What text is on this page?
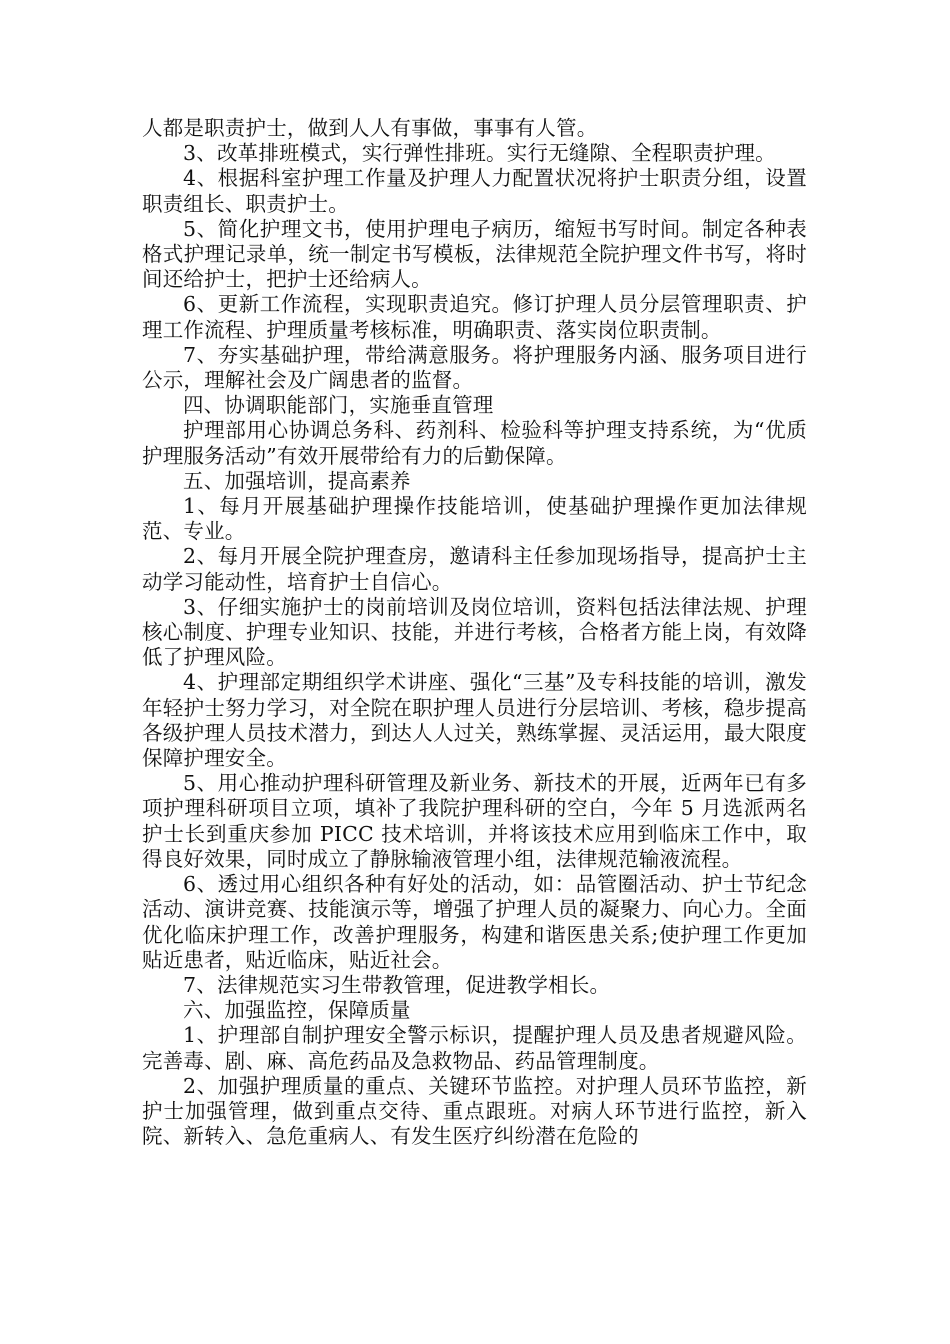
人都是职责护士，做到人人有事做，事事有人管。

3、改革排班模式，实行弹性排班。实行无缝隙、全程职责护理。

4、根据科室护理工作量及护理人力配置状况将护士职责分组，设置职责组长、职责护士。

5、简化护理文书，使用护理电子病历，缩短书写时间。制定各种表格式护理记录单，统一制定书写模板，法律规范全院护理文件书写，将时间还给护士，把护士还给病人。

6、更新工作流程，实现职责追究。修订护理人员分层管理职责、护理工作流程、护理质量考核标准，明确职责、落实岗位职责制。

7、夯实基础护理，带给满意服务。将护理服务内涵、服务项目进行公示，理解社会及广阔患者的监督。

四、协调职能部门，实施垂直管理

护理部用心协调总务科、药剂科、检验科等护理支持系统，为“优质护理服务活动”有效开展带给有力的后勤保障。

五、加强培训，提高素养

1、每月开展基础护理操作技能培训，使基础护理操作更加法律规范、专业。

2、每月开展全院护理查房，邀请科主任参加现场指导，提高护士主动学习能动性，培育护士自信心。

3、仔细实施护士的岗前培训及岗位培训，资料包括法律法规、护理核心制度、护理专业知识、技能，并进行考核，合格者方能上岗，有效降低了护理风险。

4、护理部定期组织学术讲座、强化“三基”及专科技能的培训，激发年轻护士努力学习，对全院在职护理人员进行分层培训、考核，稳步提高各级护理人员技术潜力，到达人人过关，熟练掌握、灵活运用，最大限度保障护理安全。

5、用心推动护理科研管理及新业务、新技术的开展，近两年已有多项护理科研项目立项，填补了我院护理科研的空白，今年 5 月选派两名护士长到重庆参加 PICC 技术培训，并将该技术应用到临床工作中，取得良好效果，同时成立了静脉输液管理小组，法律规范输液流程。

6、透过用心组织各种有好处的活动，如：品管圈活动、护士节纪念活动、演讲竞赛、技能演示等，增强了护理人员的凝聚力、向心力。全面优化临床护理工作，改善护理服务，构建和谐医患关系;使护理工作更加贴近患者，贴近临床，贴近社会。

7、法律规范实习生带教管理，促进教学相长。

六、加强监控，保障质量

1、护理部自制护理安全警示标识，提醒护理人员及患者规避风险。完善毒、剧、麻、高危药品及急救物品、药品管理制度。

2、加强护理质量的重点、关键环节监控。对护理人员环节监控，新护士加强管理，做到重点交待、重点跟班。对病人环节进行监控，新入院、新转入、急危重病人、有发生医疗纠纷潜在危险的
